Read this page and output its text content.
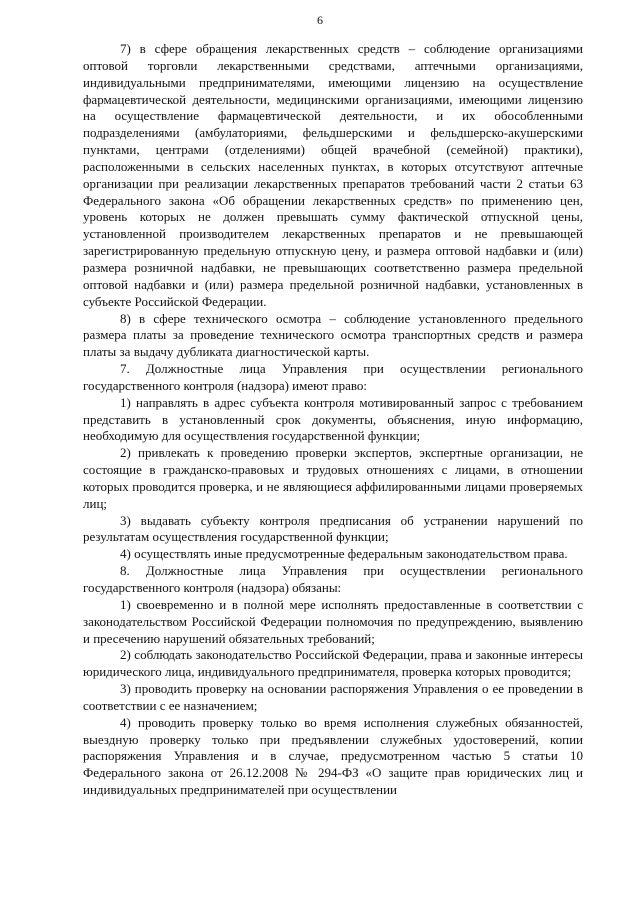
6

7) в сфере обращения лекарственных средств – соблюдение организациями оптовой торговли лекарственными средствами, аптечными организациями, индивидуальными предпринимателями, имеющими лицензию на осуществление фармацевтической деятельности, медицинскими организациями, имеющими лицензию на осуществление фармацевтической деятельности, и их обособленными подразделениями (амбулаториями, фельдшерскими и фельдшерско-акушерскими пунктами, центрами (отделениями) общей врачебной (семейной) практики), расположенными в сельских населенных пунктах, в которых отсутствуют аптечные организации при реализации лекарственных препаратов требований части 2 статьи 63 Федерального закона «Об обращении лекарственных средств» по применению цен, уровень которых не должен превышать сумму фактической отпускной цены, установленной производителем лекарственных препаратов и не превышающей зарегистрированную предельную отпускную цену, и размера оптовой надбавки и (или) размера розничной надбавки, не превышающих соответственно размера предельной оптовой надбавки и (или) размера предельной розничной надбавки, установленных в субъекте Российской Федерации.

8) в сфере технического осмотра – соблюдение установленного предельного размера платы за проведение технического осмотра транспортных средств и размера платы за выдачу дубликата диагностической карты.

7. Должностные лица Управления при осуществлении регионального государственного контроля (надзора) имеют право:

1) направлять в адрес субъекта контроля мотивированный запрос с требованием представить в установленный срок документы, объяснения, иную информацию, необходимую для осуществления государственной функции;

2) привлекать к проведению проверки экспертов, экспертные организации, не состоящие в гражданско-правовых и трудовых отношениях с лицами, в отношении которых проводится проверка, и не являющиеся аффилированными лицами проверяемых лиц;

3) выдавать субъекту контроля предписания об устранении нарушений по результатам осуществления государственной функции;

4) осуществлять иные предусмотренные федеральным законодательством права.

8. Должностные лица Управления при осуществлении регионального государственного контроля (надзора) обязаны:

1) своевременно и в полной мере исполнять предоставленные в соответствии с законодательством Российской Федерации полномочия по предупреждению, выявлению и пресечению нарушений обязательных требований;

2) соблюдать законодательство Российской Федерации, права и законные интересы юридического лица, индивидуального предпринимателя, проверка которых проводится;

3) проводить проверку на основании распоряжения Управления о ее проведении в соответствии с ее назначением;

4) проводить проверку только во время исполнения служебных обязанностей, выездную проверку только при предъявлении служебных удостоверений, копии распоряжения Управления и в случае, предусмотренном частью 5 статьи 10 Федерального закона от 26.12.2008 № 294-ФЗ «О защите прав юридических лиц и индивидуальных предпринимателей при осуществлении
